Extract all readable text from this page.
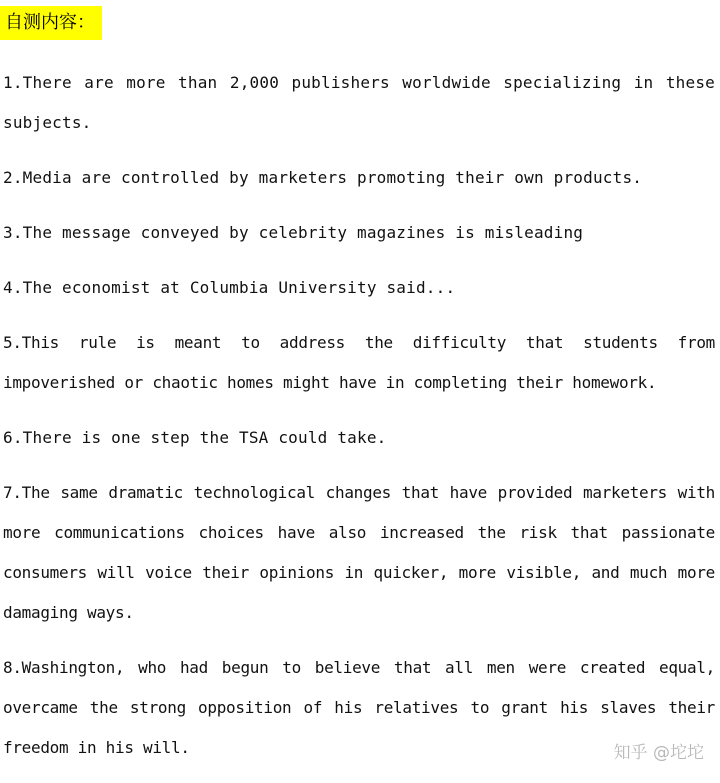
自测内容：

1.There are more than 2,000 publishers worldwide specializing in these subjects.

2.Media are controlled by marketers promoting their own products.

3.The message conveyed by celebrity magazines is misleading

4.The economist at Columbia University said...

5.This rule is meant to address the difficulty that students from impoverished or chaotic homes might have in completing their homework.

6.There is one step the TSA could take.

7.The same dramatic technological changes that have provided marketers with more communications choices have also increased the risk that passionate consumers will voice their opinions in quicker, more visible, and much more damaging ways.

8.Washington, who had begun to believe that all men were created equal, overcame the strong opposition of his relatives to grant his slaves their freedom in his will.	知乎 @坨坨
